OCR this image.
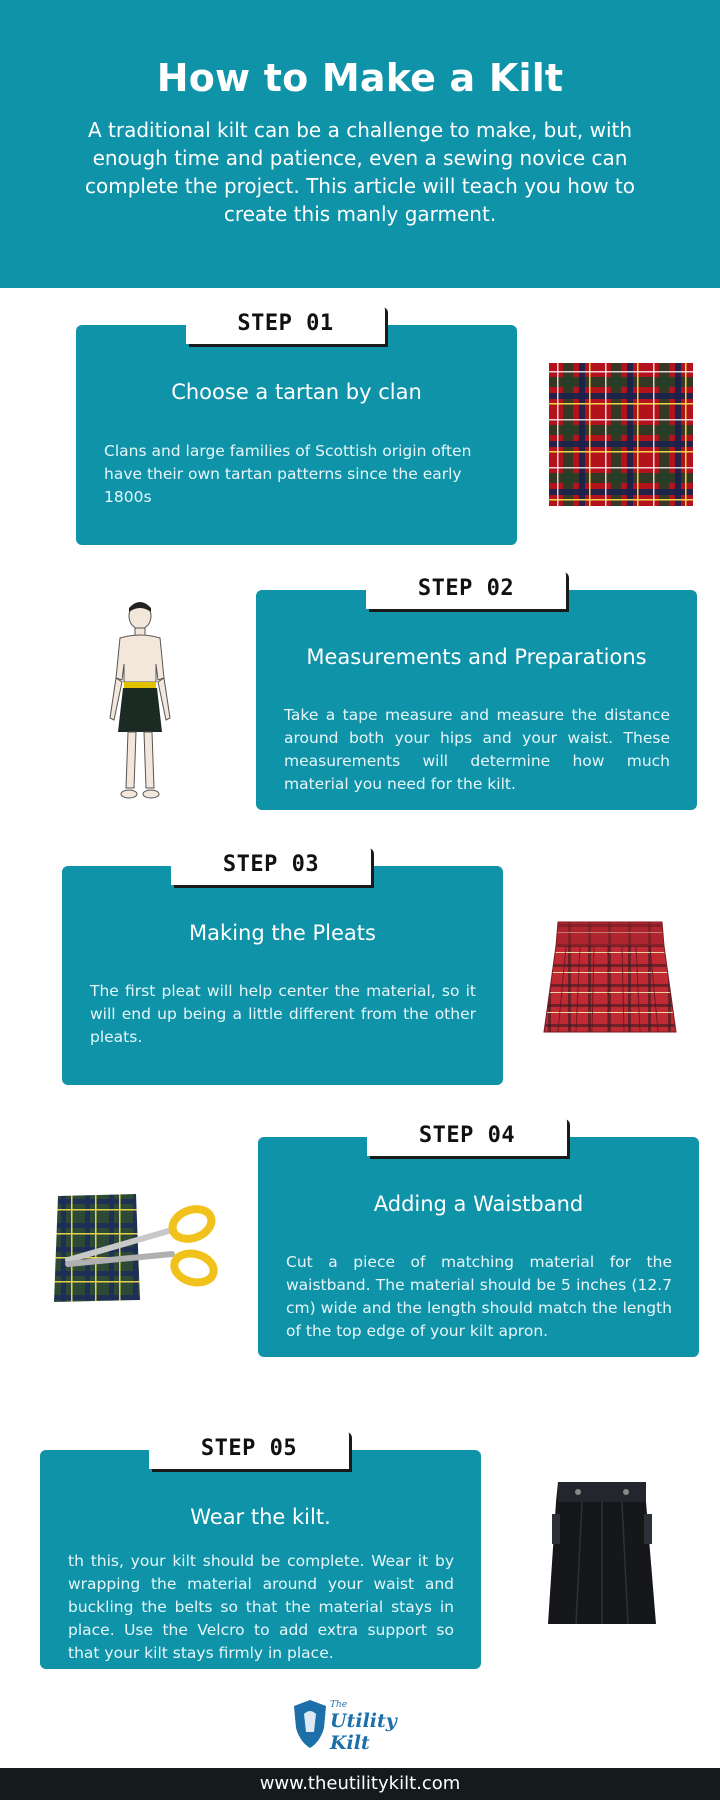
How to Make a Kilt

A traditional kilt can be a challenge to make, but, with enough time and patience, even a sewing novice can complete the project. This article will teach you how to create this manly garment.

Choose a tartan by clan
Clans and large families of Scottish origin often have their own tartan patterns since the early 1800s
STEP 01
Measurements and Preparations
Take a tape measure and measure the distance around both your hips and your waist. These measurements will determine how much material you need for the kilt.
STEP 02
Making the Pleats
The first pleat will help center the material, so it will end up being a little different from the other pleats.
STEP 03
Adding a Waistband
Cut a piece of matching material for the waistband. The material should be 5 inches (12.7 cm) wide and the length should match the length of the top edge of your kilt apron.
STEP 04
Wear the kilt.
th this, your kilt should be complete. Wear it by wrapping the material around your waist and buckling the belts so that the material stays in place. Use the Velcro to add extra support so that your kilt stays firmly in place.
STEP 05
The
Utility Kilt
www.theutilitykilt.com
